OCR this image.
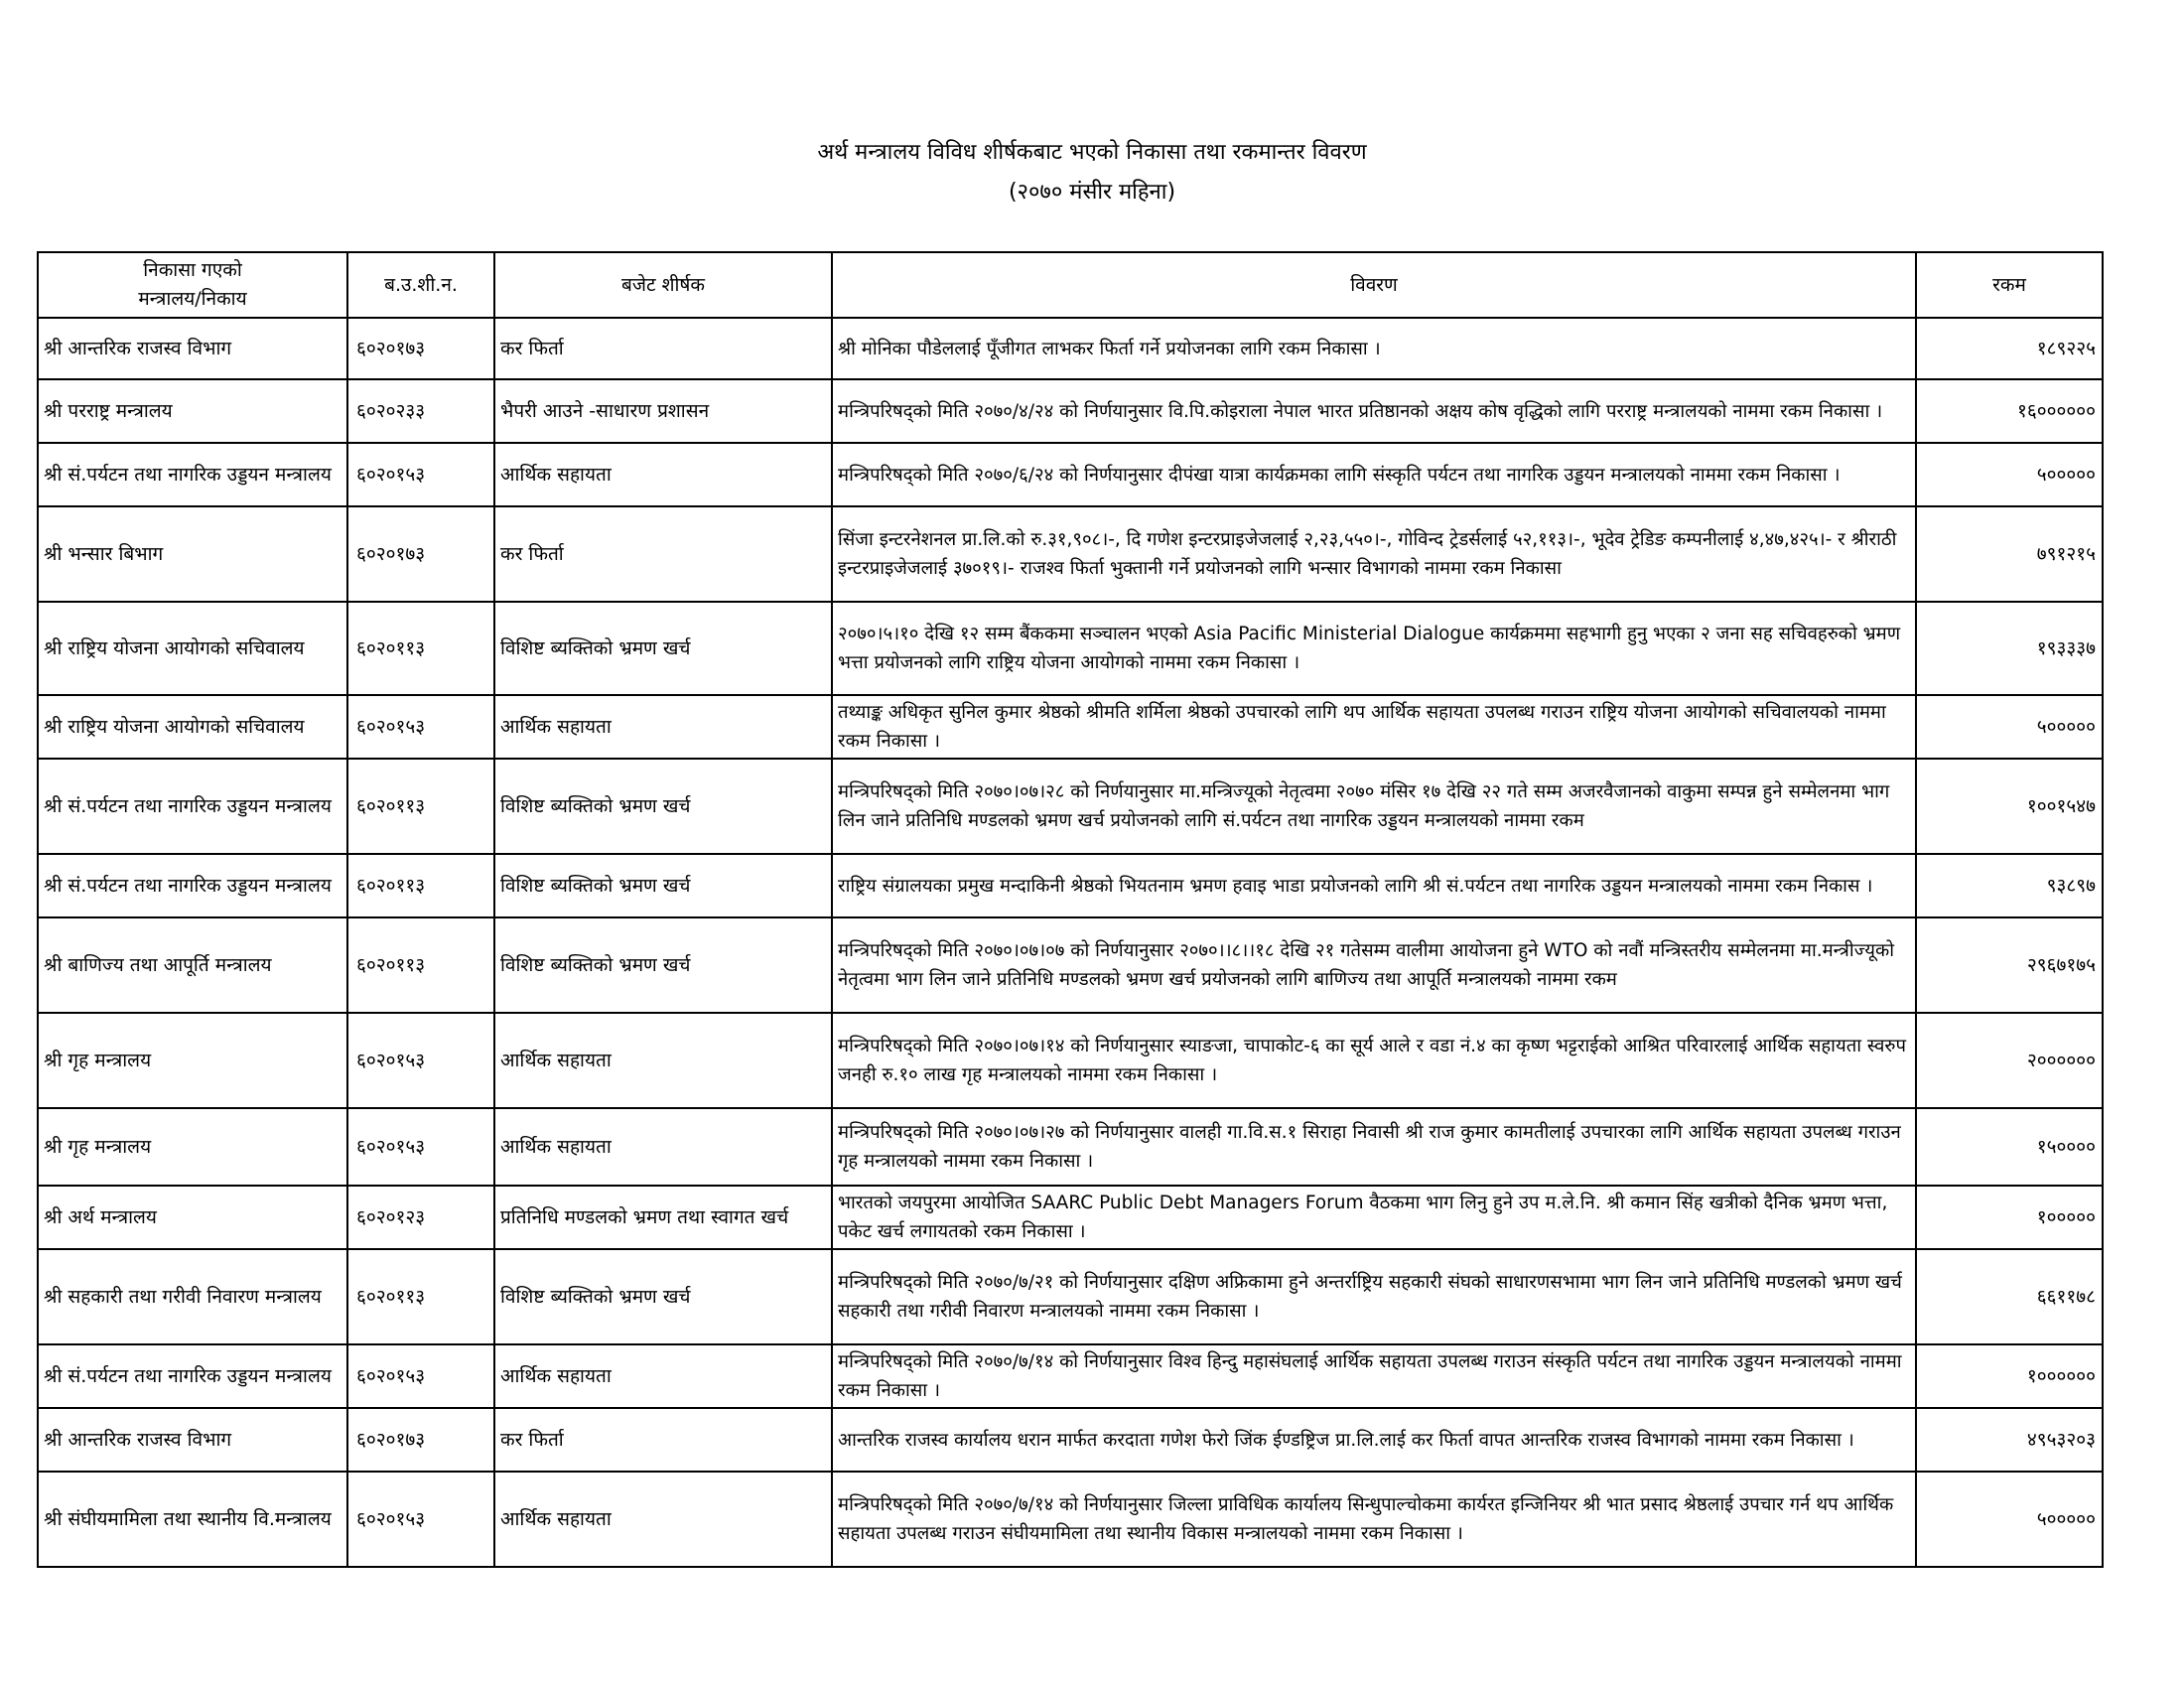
अर्थ मन्त्रालय विविध शीर्षकबाट भएको निकासा तथा रकमान्तर विवरण
(२०७० मंसीर महिना)
निकासा गएको
मन्त्रालय/निकाय	ब.उ.शी.न.	बजेट शीर्षक	विवरण	रकम
श्री आन्तरिक राजस्व विभाग	६०२०१७३	कर फिर्ता	श्री मोनिका पौडेललाई पूँजीगत लाभकर फिर्ता गर्ने प्रयोजनका लागि रकम निकासा ।	१८९२२५
श्री परराष्ट्र मन्त्रालय	६०२०२३३	भैपरी आउने -साधारण प्रशासन	मन्त्रिपरिषद्को मिति २०७०/४/२४ को निर्णयानुसार वि.पि.कोइराला नेपाल भारत प्रतिष्ठानको अक्षय कोष वृद्धिको लागि परराष्ट्र मन्त्रालयको नाममा रकम निकासा ।	१६००००००
श्री सं.पर्यटन तथा नागरिक उड्डयन मन्त्रालय	६०२०१५३	आर्थिक सहायता	मन्त्रिपरिषद्को मिति २०७०/६/२४ को निर्णयानुसार दीपंखा यात्रा कार्यक्रमका लागि संस्कृति पर्यटन तथा नागरिक उड्डयन मन्त्रालयको नाममा रकम निकासा ।	५०००००
श्री भन्सार बिभाग	६०२०१७३	कर फिर्ता	सिंजा इन्टरनेशनल प्रा.लि.को रु.३१,९०८।-, दि गणेश इन्टरप्राइजेजलाई २,२३,५५०।-, गोविन्द ट्रेडर्सलाई ५२,११३।-, भूदेव ट्रेडिङ कम्पनीलाई ४,४७,४२५।- र श्रीराठी इन्टरप्राइजेजलाई ३७०१९।- राजश्व फिर्ता भुक्तानी गर्ने प्रयोजनको लागि भन्सार विभागको नाममा रकम निकासा	७९१२१५
श्री राष्ट्रिय योजना आयोगको सचिवालय	६०२०११३	विशिष्ट ब्यक्तिको भ्रमण खर्च	२०७०।५।१० देखि १२ सम्म बैंककमा सञ्चालन भएको Asia Pacific Ministerial Dialogue कार्यक्रममा सहभागी हुनु भएका २ जना सह सचिवहरुको भ्रमण भत्ता प्रयोजनको लागि राष्ट्रिय योजना आयोगको नाममा रकम निकासा ।	१९३३३७
श्री राष्ट्रिय योजना आयोगको सचिवालय	६०२०१५३	आर्थिक सहायता	तथ्याङ्क अधिकृत सुनिल कुमार श्रेष्ठको श्रीमति शर्मिला श्रेष्ठको उपचारको लागि थप आर्थिक सहायता उपलब्ध गराउन राष्ट्रिय योजना आयोगको सचिवालयको नाममा रकम निकासा ।	५०००००
श्री सं.पर्यटन तथा नागरिक उड्डयन मन्त्रालय	६०२०११३	विशिष्ट ब्यक्तिको भ्रमण खर्च	मन्त्रिपरिषद्को मिति २०७०।०७।२८ को निर्णयानुसार मा.मन्त्रिज्यूको नेतृत्वमा २०७० मंसिर १७ देखि २२ गते सम्म अजरवैजानको वाकुमा सम्पन्न हुने सम्मेलनमा भाग लिन जाने प्रतिनिधि मण्डलको भ्रमण खर्च प्रयोजनको लागि सं.पर्यटन तथा नागरिक उड्डयन मन्त्रालयको नाममा रकम	१००१५४७
श्री सं.पर्यटन तथा नागरिक उड्डयन मन्त्रालय	६०२०११३	विशिष्ट ब्यक्तिको भ्रमण खर्च	राष्ट्रिय संग्रालयका प्रमुख मन्दाकिनी श्रेष्ठको भियतनाम भ्रमण हवाइ भाडा प्रयोजनको लागि श्री सं.पर्यटन तथा नागरिक उड्डयन मन्त्रालयको नाममा रकम निकास ।	९३८९७
श्री बाणिज्य तथा आपूर्ति मन्त्रालय	६०२०११३	विशिष्ट ब्यक्तिको भ्रमण खर्च	मन्त्रिपरिषद्को मिति २०७०।०७।०७ को निर्णयानुसार २०७०।।८।।१८ देखि २१ गतेसम्म वालीमा आयोजना हुने WTO को नवौं मन्त्रिस्तरीय सम्मेलनमा मा.मन्त्रीज्यूको नेतृत्वमा भाग लिन जाने प्रतिनिधि मण्डलको भ्रमण खर्च प्रयोजनको लागि बाणिज्य तथा आपूर्ति मन्त्रालयको नाममा रकम	२९६७१७५
श्री गृह मन्त्रालय	६०२०१५३	आर्थिक सहायता	मन्त्रिपरिषद्को मिति २०७०।०७।१४ को निर्णयानुसार स्याङजा, चापाकोट-६ का सूर्य आले र वडा नं.४ का कृष्ण भट्टराईको आश्रित परिवारलाई आर्थिक सहायता स्वरुप जनही रु.१० लाख गृह मन्त्रालयको नाममा रकम निकासा ।	२००००००
श्री गृह मन्त्रालय	६०२०१५३	आर्थिक सहायता	मन्त्रिपरिषद्को मिति २०७०।०७।२७ को निर्णयानुसार वालही गा.वि.स.१ सिराहा निवासी श्री राज कुमार कामतीलाई उपचारका लागि आर्थिक सहायता उपलब्ध गराउन गृह मन्त्रालयको नाममा रकम निकासा ।	१५००००
श्री अर्थ मन्त्रालय	६०२०१२३	प्रतिनिधि मण्डलको भ्रमण तथा स्वागत खर्च	भारतको जयपुरमा आयोजित SAARC Public Debt Managers Forum वैठकमा भाग लिनु हुने उप म.ले.नि. श्री कमान सिंह खत्रीको दैनिक भ्रमण भत्ता, पकेट खर्च लगायतको रकम निकासा ।	१०००००
श्री सहकारी तथा गरीवी निवारण मन्त्रालय	६०२०११३	विशिष्ट ब्यक्तिको भ्रमण खर्च	मन्त्रिपरिषद्को मिति २०७०/७/२१ को निर्णयानुसार दक्षिण अफ्रिकामा हुने अन्तर्राष्ट्रिय सहकारी संघको साधारणसभामा भाग लिन जाने प्रतिनिधि मण्डलको भ्रमण खर्च सहकारी तथा गरीवी निवारण मन्त्रालयको नाममा रकम निकासा ।	६६११७८
श्री सं.पर्यटन तथा नागरिक उड्डयन मन्त्रालय	६०२०१५३	आर्थिक सहायता	मन्त्रिपरिषद्को मिति २०७०/७/१४ को निर्णयानुसार विश्व हिन्दु महासंघलाई आर्थिक सहायता उपलब्ध गराउन संस्कृति पर्यटन तथा नागरिक उड्डयन मन्त्रालयको नाममा रकम निकासा ।	१००००००
श्री आन्तरिक राजस्व विभाग	६०२०१७३	कर फिर्ता	आन्तरिक राजस्व कार्यालय धरान मार्फत करदाता गणेश फेरो जिंक ईण्डष्ट्रिज प्रा.लि.लाई कर फिर्ता वापत आन्तरिक राजस्व विभागको नाममा रकम निकासा ।	४९५३२०३
श्री संघीयमामिला तथा स्थानीय वि.मन्त्रालय	६०२०१५३	आर्थिक सहायता	मन्त्रिपरिषद्को मिति २०७०/७/१४ को निर्णयानुसार जिल्ला प्राविधिक कार्यालय सिन्धुपाल्चोकमा कार्यरत इन्जिनियर श्री भा‍त प्रसाद श्रेष्ठलाई उपचार गर्न थप आर्थिक सहायता उपलब्ध गराउन संघीयमामिला तथा स्थानीय विकास मन्त्रालयको नाममा रकम निकासा ।	५०००००
